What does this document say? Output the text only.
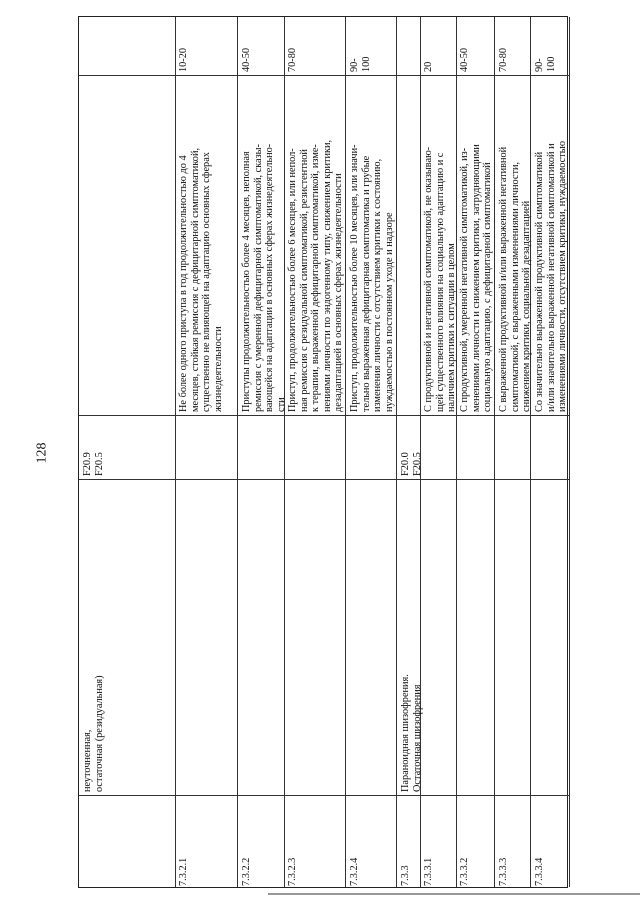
128
неуточненная, остаточная (резидуальная)
F20.9 F20.5
7.3.2.1
Не более одного приступа в год продолжительностью до 4 месяцев, стойкая ремиссия с дефицитарной симптоматикой, существенно не влияющей на адаптацию основных сферах жизнедеятельности
10-20
7.3.2.2
Приступы продолжительностью более 4 месяцев, неполная ремиссия с умеренной дефицитарной симптоматикой, сказы- вающейся на адаптации в основных сферах жизнедеятельно- сти
40-50
7.3.2.3
Приступ, продолжительностью более 6 месяцев, или непол- ная ремиссия с резидуальной симптоматикой, резистентной к терапии, выраженной дефицитарной симптоматикой, изме- нениями личности по эндогенному типу, снижением критики, дезадаптацией в основных сферах жизнедеятельности
70-80
7.3.2.4
Приступ, продолжительностью более 10 месяцев, или значи- тельно выраженная дефицитарная симптоматика и грубые изменения личности с отсутствием критики к состоянию, нуждаемостью в постоянном уходе и надзоре
90- 100
7.3.3
Параноидная шизофрения. Остаточная шизофрения
F20.0 F20.5
7.3.3.1
С продуктивной и негативной симптоматикой, не оказываю- щей существенного влияния на социальную адаптацию и с наличием критики к ситуации в целом
20
7.3.3.2
С продуктивной, умеренной негативной симптоматикой, из- менениями личности и снижением критики, затрудняющими социальную адаптацию, с дефицитарной симптоматикой
40-50
7.3.3.3
С выраженной продуктивной и/или выраженной негативной симптоматикой, с выраженными изменениями личности, снижением критики, социальной дезадаптацией
70-80
7.3.3.4
Со значительно выраженной продуктивной симптоматикой и/или значительно выраженной негативной симптоматикой и изменениями личности, отсутствием критики, нуждаемостью
90- 100
